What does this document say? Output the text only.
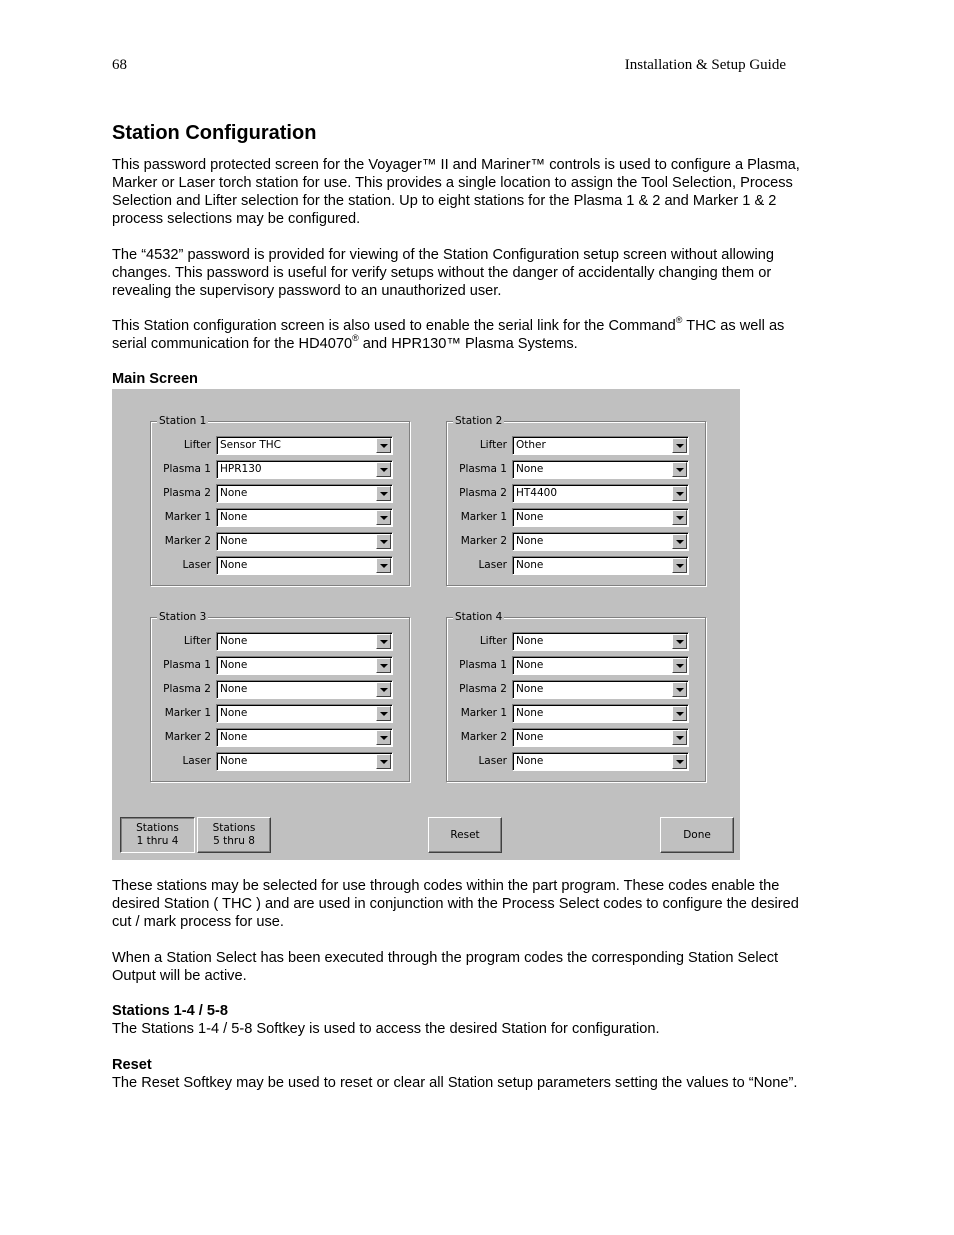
68	Installation & Setup Guide
Station Configuration

This password protected screen for the Voyager™ II and Mariner™ controls is used to configure a Plasma, Marker or Laser torch station for use. This provides a single location to assign the Tool Selection, Process Selection and Lifter selection for the station. Up to eight stations for the Plasma 1 & 2 and Marker 1 & 2 process selections may be configured.

The “4532” password is provided for viewing of the Station Configuration setup screen without allowing changes. This password is useful for verify setups without the danger of accidentally changing them or revealing the supervisory password to an unauthorized user.

This Station configuration screen is also used to enable the serial link for the Command® THC as well as serial communication for the HD4070® and HPR130™ Plasma Systems.

Main Screen
Station 1
Lifter Sensor THC
Plasma 1 HPR130
Plasma 2 None
Marker 1 None
Marker 2 None
Laser None
Station 2
Lifter Other
Plasma 1 None
Plasma 2 HT4400
Marker 1 None
Marker 2 None
Laser None
Station 3
Lifter None
Plasma 1 None
Plasma 2 None
Marker 1 None
Marker 2 None
Laser None
Station 4
Lifter None
Plasma 1 None
Plasma 2 None
Marker 1 None
Marker 2 None
Laser None
Stations
1 thru 4
Stations
5 thru 8
Reset	Done

These stations may be selected for use through codes within the part program. These codes enable the desired Station ( THC ) and are used in conjunction with the Process Select codes to configure the desired cut / mark process for use.

When a Station Select has been executed through the program codes the corresponding Station Select Output will be active.

Stations 1-4 / 5-8

The Stations 1-4 / 5-8 Softkey is used to access the desired Station for configuration.

Reset

The Reset Softkey may be used to reset or clear all Station setup parameters setting the values to “None”.
